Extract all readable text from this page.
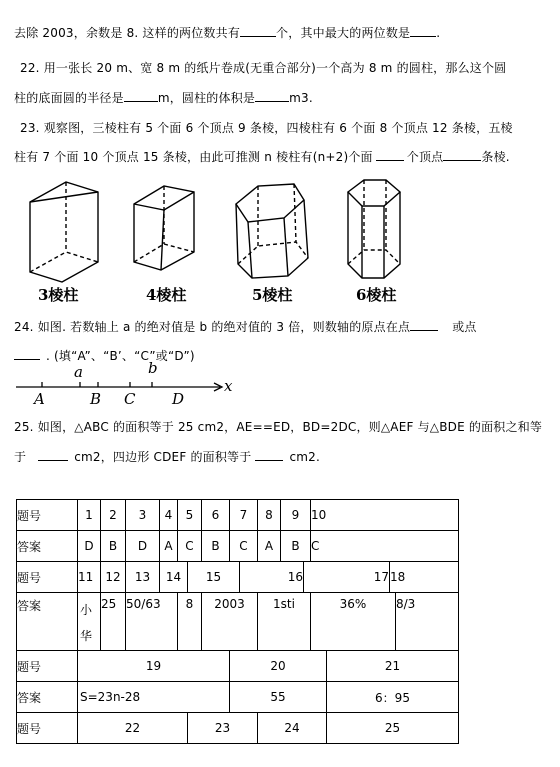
去除 2003，余数是 8. 这样的两位数共有	个，其中最大的两位数是 .
22. 用一张长 20 m、宽 8 m 的纸片卷成(无重合部分)一个高为 8 m 的圆柱，那么这个圆
柱的底面圆的半径是	m，圆柱的体积是	m3.
23. 观察图，三棱柱有 5 个面 6 个顶点 9 条棱，四棱柱有 6 个面 8 个顶点 12 条棱，五棱
柱有 7 个面 10 个顶点 15 条棱，由此可推测 n 棱柱有(n+2)个面	个顶点	条棱.
3棱柱	4棱柱	5棱柱	6棱柱
24. 如图. 若数轴上 a 的绝对值是 b 的绝对值的 3 倍，则数轴的原点在点	或点
. (填“A”、“B’、“C”或“D”)
a	b
A	B C D
x
25. 如图，△ABC 的面积等于 25 cm2，AE==ED，BD=2DC，则△AEF 与△BDE 的面积之和等
于	cm2，四边形 CDEF 的面积等于	cm2.
题号	1	2	3	4	5		6	7		8	9		10			
答案	D	B	D	A	C		B	C		A	B		C			
题号	11	12	13	14		15			16			17			18	
答案	小华	25	50/63		8		2003			1sti			36%			8/3
题号	19							20						21		
答案	S=23n-28							55						6：95		
题号	22					23				24				25		
